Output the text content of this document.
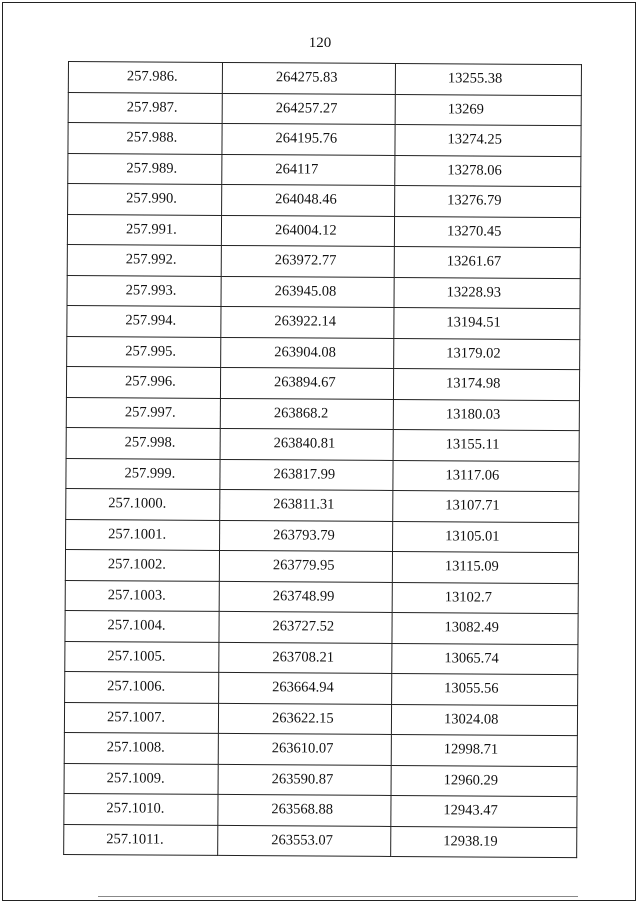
120
257.986.	264275.83	13255.38
257.987.	264257.27	13269
257.988.	264195.76	13274.25
257.989.	264117	13278.06
257.990.	264048.46	13276.79
257.991.	264004.12	13270.45
257.992.	263972.77	13261.67
257.993.	263945.08	13228.93
257.994.	263922.14	13194.51
257.995.	263904.08	13179.02
257.996.	263894.67	13174.98
257.997.	263868.2	13180.03
257.998.	263840.81	13155.11
257.999.	263817.99	13117.06
257.1000.	263811.31	13107.71
257.1001.	263793.79	13105.01
257.1002.	263779.95	13115.09
257.1003.	263748.99	13102.7
257.1004.	263727.52	13082.49
257.1005.	263708.21	13065.74
257.1006.	263664.94	13055.56
257.1007.	263622.15	13024.08
257.1008.	263610.07	12998.71
257.1009.	263590.87	12960.29
257.1010.	263568.88	12943.47
257.1011.	263553.07	12938.19
